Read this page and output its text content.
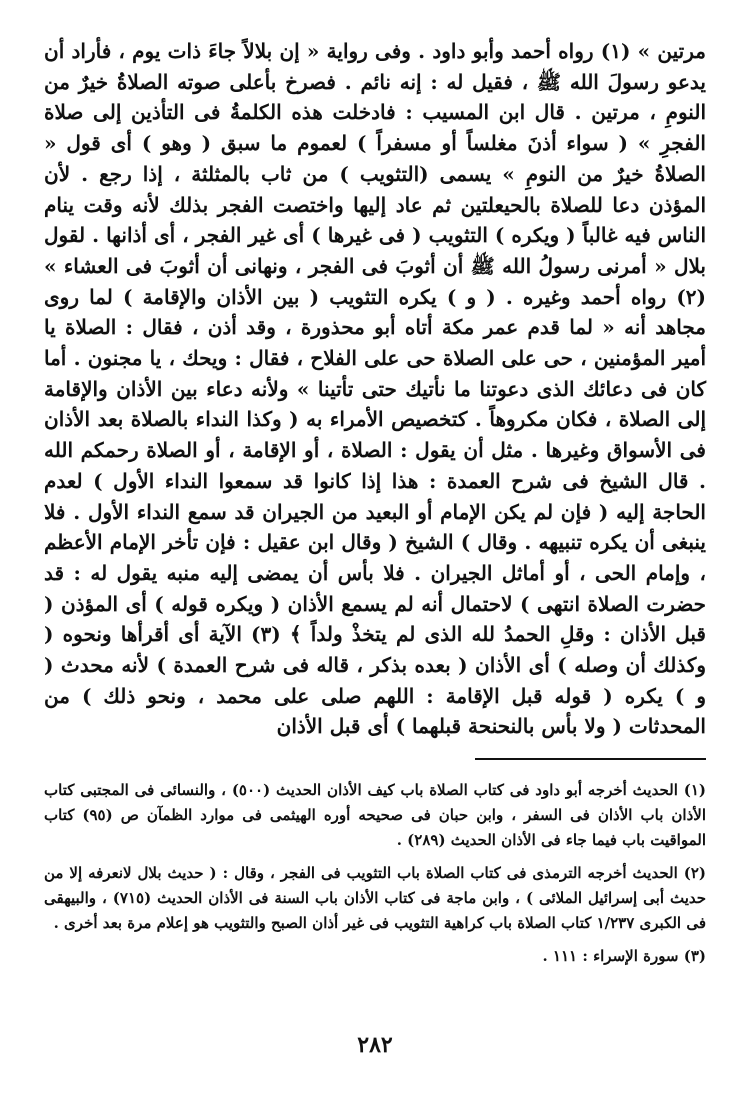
مرتين » (١) رواه أحمد وأبو داود . وفى رواية « إن بلالاً جاءَ ذات يوم ، فأراد أن يدعو رسولَ الله ﷺ ، فقيل له : إنه نائم . فصرخ بأعلى صوته الصلاةُ خيرٌ من النومِ ، مرتين . قال ابن المسيب : فادخلت هذه الكلمةُ فى التأذين إلى صلاة الفجرِ » ( سواء أذنَ مغلساً أو مسفراً ) لعموم ما سبق ( وهو ) أى قول « الصلاةُ خيرٌ من النومِ » يسمى (التثويب ) من ثاب بالمثلثة ، إذا رجع . لأن المؤذن دعا للصلاة بالحيعلتين ثم عاد إليها واختصت الفجر بذلك لأنه وقت ينام الناس فيه غالباً ( ويكره ) التثويب ( فى غيرها ) أى غير الفجر ، أى أذانها . لقول بلال « أمرنى رسولُ الله ﷺ أن أثوبَ فى الفجر ، ونهانى أن أثوبَ فى العشاء » (٢) رواه أحمد وغيره . ( و ) يكره التثويب ( بين الأذان والإقامة ) لما روى مجاهد أنه « لما قدم عمر مكة أتاه أبو محذورة ، وقد أذن ، فقال : الصلاة يا أمير المؤمنين ، حى على الصلاة حى على الفلاح ، فقال : ويحك ، يا مجنون . أما كان فى دعائك الذى دعوتنا ما نأتيك حتى تأتينا » ولأنه دعاء بين الأذان والإقامة إلى الصلاة ، فكان مكروهاً . كتخصيص الأمراء به ( وكذا النداء بالصلاة بعد الأذان فى الأسواق وغيرها . مثل أن يقول : الصلاة ، أو الإقامة ، أو الصلاة رحمكم الله . قال الشيخ فى شرح العمدة : هذا إذا كانوا قد سمعوا النداء الأول ) لعدم الحاجة إليه ( فإن لم يكن الإمام أو البعيد من الجيران قد سمع النداء الأول . فلا ينبغى أن يكره تنبيهه . وقال ) الشيخ ( وقال ابن عقيل : فإن تأخر الإمام الأعظم ، وإمام الحى ، أو أماثل الجيران . فلا بأس أن يمضى إليه منبه يقول له : قد حضرت الصلاة انتهى ) لاحتمال أنه لم يسمع الأذان ( ويكره قوله ) أى المؤذن ( قبل الأذان : وقلِ الحمدُ لله الذى لم يتخذْ ولداً ﴾ (٣) الآية أى أقرأها ونحوه ( وكذلك أن وصله ) أى الأذان ( بعده بذكر ، قاله فى شرح العمدة ) لأنه محدث ( و ) يكره ( قوله قبل الإقامة : اللهم صلى على محمد ، ونحو ذلك ) من المحدثات ( ولا بأس بالنحنحة قبلهما ) أى قبل الأذان

(١) الحديث أخرجه أبو داود فى كتاب الصلاة باب كيف الأذان الحديث (٥٠٠) ، والنسائى فى المجتبى كتاب الأذان باب الأذان فى السفر ، وابن حبان فى صحيحه أوره الهيثمى فى موارد الظمآن ص (٩٥) كتاب المواقيت باب فيما جاء فى الأذان الحديث (٢٨٩) .

(٢) الحديث أخرجه الترمذى فى كتاب الصلاة باب التثويب فى الفجر ، وقال : ( حديث بلال لانعرفه إلا من حديث أبى إسرائيل الملائى ) ، وابن ماجة فى كتاب الأذان باب السنة فى الأذان الحديث (٧١٥) ، والبيهقى فى الكبرى ١/٢٣٧ كتاب الصلاة باب كراهية التثويب فى غير أذان الصبح والتثويب هو إعلام مرة بعد أخرى .

(٣) سورة الإسراء : ١١١ .

٢٨٢
